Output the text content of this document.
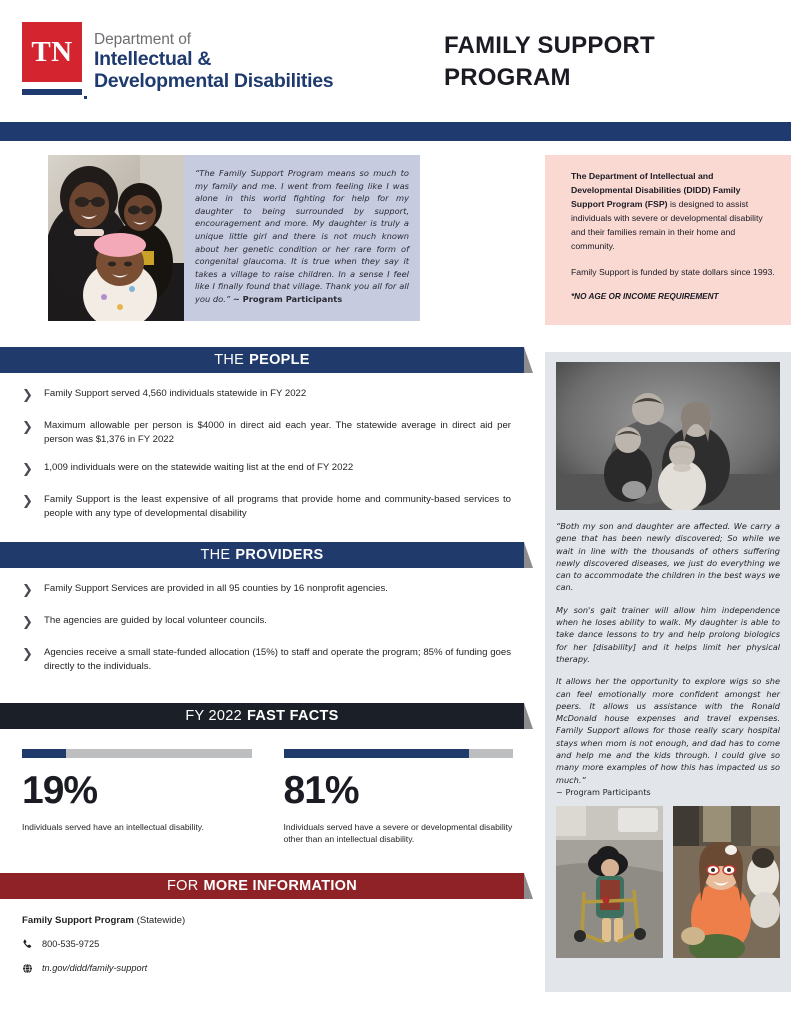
TN Department of
Intellectual &
Developmental Disabilities
FAMILY SUPPORT PROGRAM
“The Family Support Program means so much to my family and me. I went from feeling like I was alone in this world fighting for help for my daughter to being surrounded by support, encouragement and more. My daughter is truly a unique little girl and there is not much known about her genetic condition or her rare form of congenital glaucoma. It is true when they say it takes a village to raise children. In a sense I feel like I finally found that village. Thank you all for all you do.” ~ Program Participants

The Department of Intellectual and Developmental Disabilities (DIDD) Family Support Program (FSP) is designed to assist individuals with severe or developmental disability and their families remain in their home and community.

Family Support is funded by state dollars since 1993.

*NO AGE OR INCOME REQUIREMENT

THE PEOPLE
❯	Family Support served 4,560 individuals statewide in FY 2022
❯	Maximum allowable per person is $4000 in direct aid each year. The statewide average in direct aid per person was $1,376 in FY 2022
❯	1,009 individuals were on the statewide waiting list at the end of FY 2022
❯	Family Support is the least expensive of all programs that provide home and community-based services to people with any type of developmental disability
THE PROVIDERS
❯	Family Support Services are provided in all 95 counties by 16 nonprofit agencies.
❯	The agencies are guided by local volunteer councils.
❯	Agencies receive a small state-funded allocation (15%) to staff and operate the program; 85% of funding goes directly to the individuals.
FY 2022 FAST FACTS
19%
Individuals served have an intellectual disability.
81%
Individuals served have a severe or developmental disability other than an intellectual disability.
FOR MORE INFORMATION
Family Support Program (Statewide)
800-535-9725
tn.gov/didd/family-support

“Both my son and daughter are affected. We carry a gene that has been newly discovered; So while we wait in line with the thousands of others suffering newly discovered diseases, we just do everything we can to accommodate the children in the best ways we can.

My son's gait trainer will allow him independence when he loses ability to walk. My daughter is able to take dance lessons to try and help prolong biologics for her [disability] and it helps limit her physical therapy.

It allows her the opportunity to explore wigs so she can feel emotionally more confident amongst her peers. It allows us assistance with the Ronald McDonald house expenses and travel expenses. Family Support allows for those really scary hospital stays when mom is not enough, and dad has to come and help me and the kids through. I could give so many more examples of how this has impacted us so much.”
~ Program Participants
